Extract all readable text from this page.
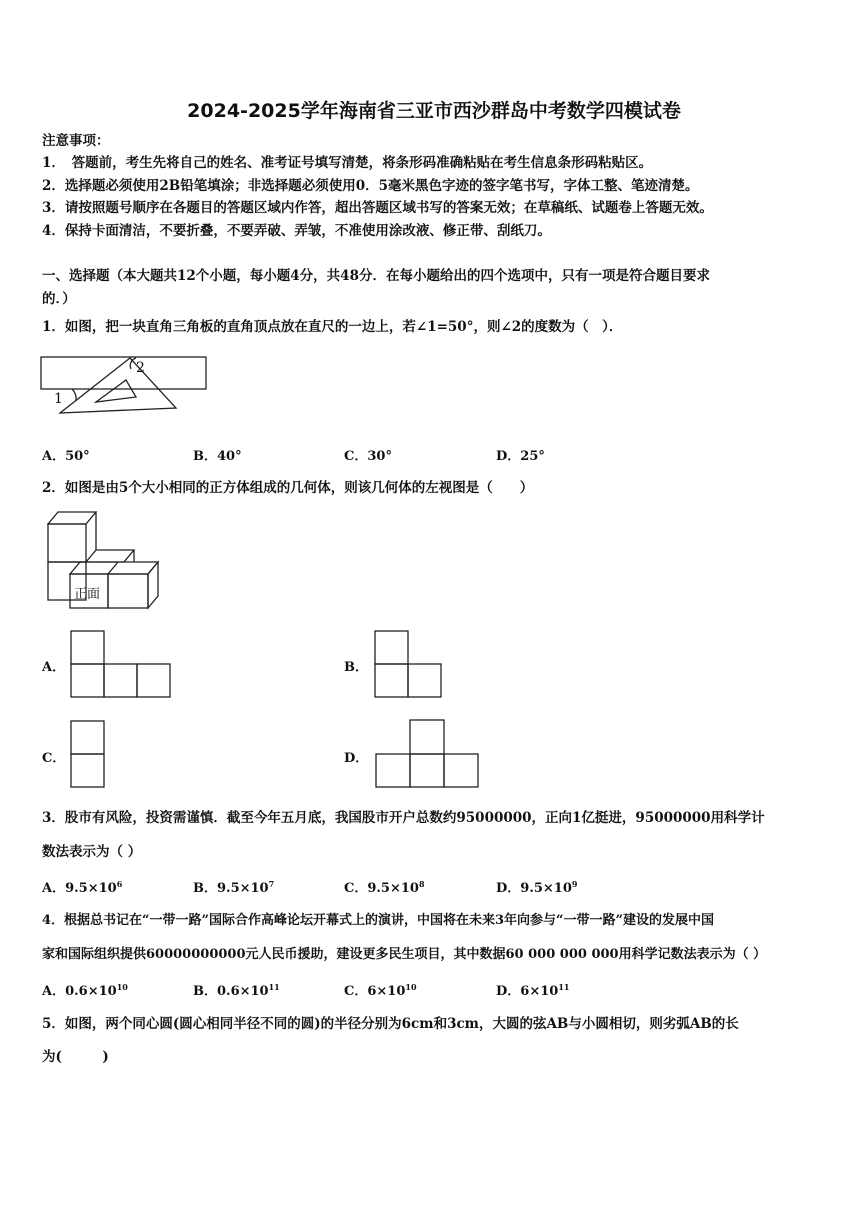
2024-2025学年海南省三亚市西沙群岛中考数学四模试卷
注意事项：
1．　答题前，考生先将自己的姓名、准考证号填写清楚，将条形码准确粘贴在考生信息条形码粘贴区。
2．选择题必须使用2B铅笔填涂；非选择题必须使用0．5毫米黑色字迹的签字笔书写，字体工整、笔迹清楚。
3．请按照题号顺序在各题目的答题区域内作答，超出答题区域书写的答案无效；在草稿纸、试题卷上答题无效。
4．保持卡面清洁，不要折叠，不要弄破、弄皱，不准使用涂改液、修正带、刮纸刀。
一、选择题（本大题共12个小题，每小题4分，共48分．在每小题给出的四个选项中，只有一项是符合题目要求
的．）
1．如图，把一块直角三角板的直角顶点放在直尺的一边上，若∠1=50°，则∠2的度数为（　）．
2
1
A．50°	B．40°	C．30°	D．25°
2．如图是由5个大小相同的正方体组成的几何体，则该几何体的左视图是（　　）
正面
A．	B．
C．	D．
3．股市有风险，投资需谨慎．截至今年五月底，我国股市开户总数约95000000，正向1亿挺进，95000000用科学计
数法表示为（ ）
A．$9.5\times 10^6$	B．$9.5\times 10^7$	C．$9.5\times 10^8$	D．$9.5\times 10^9$
4．根据总书记在“一带一路”国际合作高峰论坛开幕式上的演讲，中国将在未来3年向参与“一带一路”建设的发展中国
家和国际组织提供60000000000元人民币援助，建设更多民生项目，其中数据60 000 000 000用科学记数法表示为（ ）
A．$0.6\times 10^{10}$	B．$0.6\times 10^{11}$	C．$6\times 10^{10}$	D．$6\times 10^{11}$
5．如图，两个同心圆(圆心相同半径不同的圆)的半径分别为6cm和3cm，大圆的弦AB与小圆相切，则劣弧AB的长
为(　　　)
